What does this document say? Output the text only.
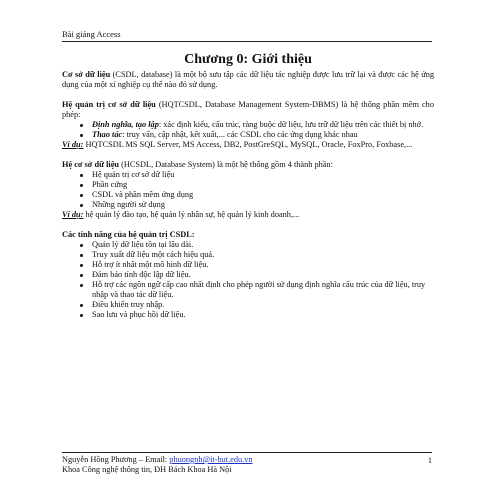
Bài giảng Access
Chương 0: Giới thiệu

Cơ sở dữ liệu (CSDL, database) là một bộ sưu tập các dữ liệu tác nghiệp được lưu trữ lại và được các hệ ứng dụng của một xí nghiệp cụ thể nào đó sử dụng.

Hệ quản trị cơ sở dữ liệu (HQTCSDL, Database Management System-DBMS) là hệ thống phần mềm cho phép:

Định nghĩa, tạo lập: xác định kiểu, cấu trúc, ràng buộc dữ liệu, lưu trữ dữ liệu trên các thiết bị nhớ.
Thao tác: truy vấn, cập nhật, kết xuất,... các CSDL cho các ứng dụng khác nhau

Ví dụ: HQTCSDL MS SQL Server, MS Access, DB2, PostGreSQL, MySQL, Oracle, FoxPro, Foxbase,...

Hệ cơ sở dữ liệu (HCSDL, Database System) là một hệ thống gồm 4 thành phần:

Hệ quản trị cơ sở dữ liệu
Phần cứng
CSDL và phần mềm ứng dụng
Những người sử dụng

Ví dụ: hệ quản lý đào tạo, hệ quản lý nhân sự, hệ quản lý kinh doanh,...

Các tính năng của hệ quản trị CSDL:

Quản lý dữ liệu tồn tại lâu dài.
Truy xuất dữ liệu một cách hiệu quả.
Hỗ trợ ít nhất một mô hình dữ liệu.
Đảm bảo tính độc lập dữ liệu.
Hỗ trợ các ngôn ngữ cấp cao nhất định cho phép người sử dụng định nghĩa cấu trúc của dữ liệu, truy nhập và thao tác dữ liệu.
Điều khiển truy nhập.
Sao lưu và phục hồi dữ liệu.
Nguyễn Hồng Phương – Email: phuongnh@it-hut.edu.vn
Khoa Công nghệ thông tin, ĐH Bách Khoa Hà Nội
1
